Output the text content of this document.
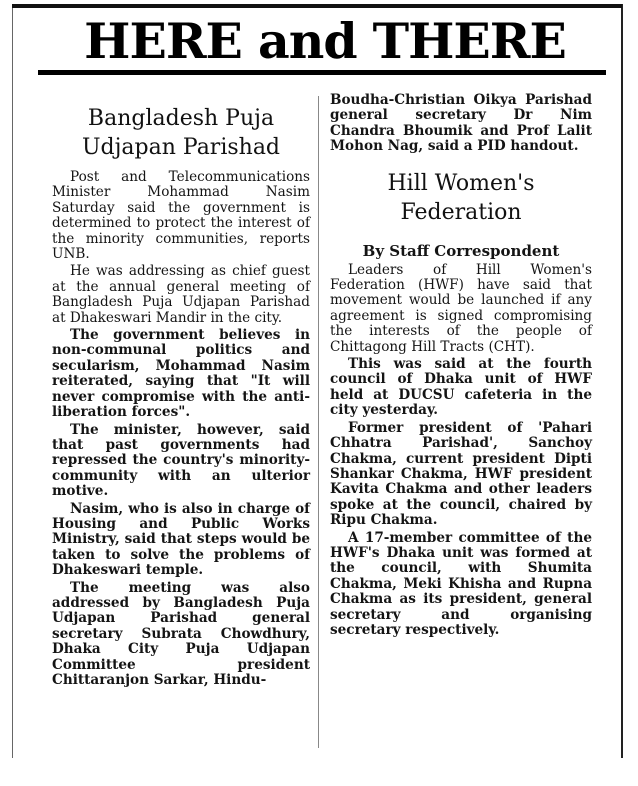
HERE and THERE
Bangladesh Puja Udjapan Parishad

Post and Telecommunications Minister Mohammad Nasim Saturday said the government is determined to protect the interest of the minority communities, reports UNB.

He was addressing as chief guest at the annual general meeting of Bangladesh Puja Udjapan Parishad at Dhakeswari Mandir in the city.

The government believes in non-communal politics and secularism, Mohammad Nasim reiterated, saying that "It will never compromise with the anti-liberation forces".

The minister, however, said that past governments had repressed the country's minority-community with an ulterior motive.

Nasim, who is also in charge of Housing and Public Works Ministry, said that steps would be taken to solve the problems of Dhakeswari temple.

The meeting was also addressed by Bangladesh Puja Udjapan Parishad general secretary Subrata Chowdhury, Dhaka City Puja Udjapan Committee president Chittaranjon Sarkar, Hindu-

Boudha-Christian Oikya Parishad general secretary Dr Nim Chandra Bhoumik and Prof Lalit Mohon Nag, said a PID handout.

Hill Women's Federation
By Staff Correspondent

Leaders of Hill Women's Federation (HWF) have said that movement would be launched if any agreement is signed compromising the interests of the people of Chittagong Hill Tracts (CHT).

This was said at the fourth council of Dhaka unit of HWF held at DUCSU cafeteria in the city yesterday.

Former president of 'Pahari Chhatra Parishad', Sanchoy Chakma, current president Dipti Shankar Chakma, HWF president Kavita Chakma and other leaders spoke at the council, chaired by Ripu Chakma.

A 17-member committee of the HWF's Dhaka unit was formed at the council, with Shumita Chakma, Meki Khisha and Rupna Chakma as its president, general secretary and organising secretary respectively.
